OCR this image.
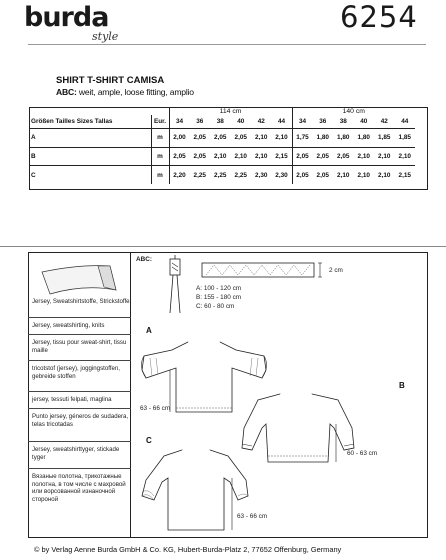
burda
style
6254
SHIRT T-SHIRT CAMISA
ABC: weit, ample, loose fitting, amplio
		114 cm						140 cm					
Größen Tailles Sizes Tallas	Eur.	34	36	38	40	42	44	34	36	38	40	42	44
A	m	2,00	2,05	2,05	2,05	2,10	2,10	1,75	1,80	1,80	1,80	1,85	1,85
B	m	2,05	2,05	2,10	2,10	2,10	2,15	2,05	2,05	2,05	2,10	2,10	2,10
C	m	2,20	2,25	2,25	2,25	2,30	2,30	2,05	2,05	2,10	2,10	2,10	2,15
Jersey, Sweatshirtstoffe, Strickstoffe
Jersey, sweatshirting, knits
Jersey, tissu pour sweat-shirt, tissu maille
tricotstof (jersey), joggingstoffen, gebreide stoffen
jersey, tessuti felpati, maglina
Punto jersey, géneros de sudadera, telas tricotadas
Jersey, sweatshirttyger, stickade tyger
Вязаные полотна, трикотажные полотна, в том числе с махровой или ворсованной изнаночной стороной
ABC:
2 cm
A: 100 - 120 cm
B: 155 - 180 cm
C: 60 - 80 cm
A
63 - 66 cm
B
60 - 63 cm
C
63 - 66 cm
© by Verlag Aenne Burda GmbH & Co. KG, Hubert-Burda-Platz 2, 77652 Offenburg, Germany
